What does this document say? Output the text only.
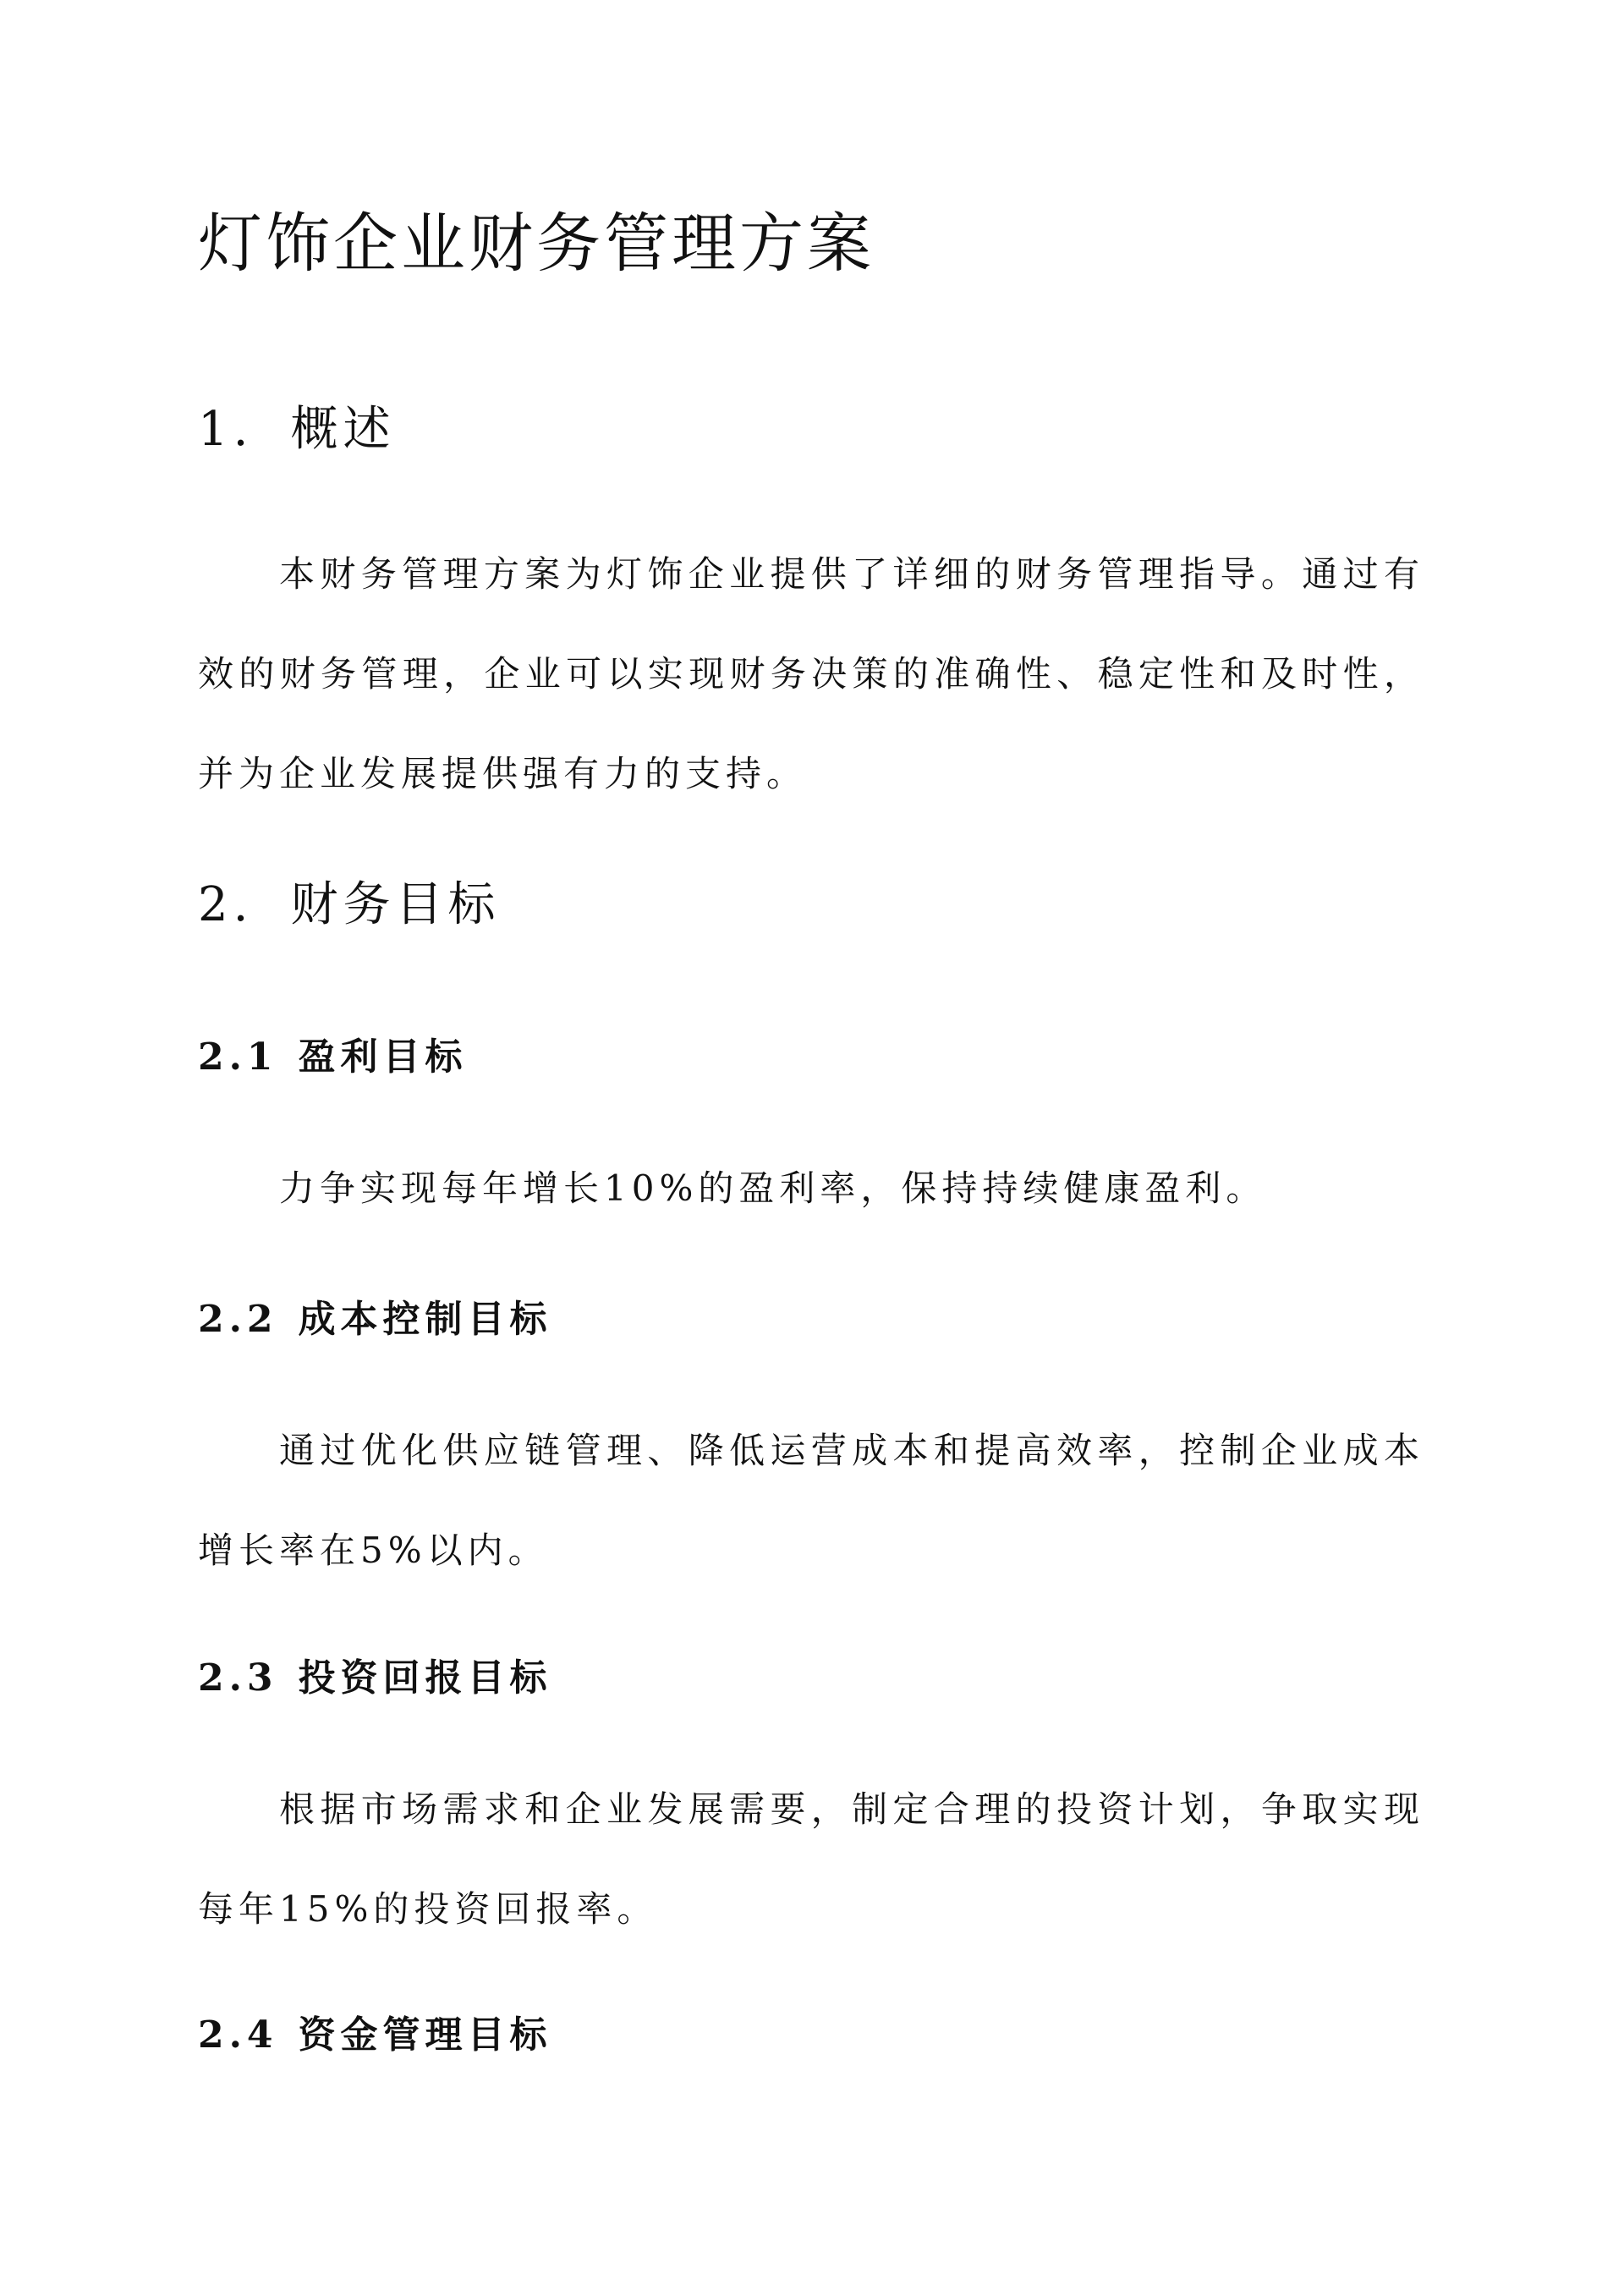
灯饰企业财务管理方案
1. 概述

本财务管理方案为灯饰企业提供了详细的财务管理指导。通过有效的财务管理，企业可以实现财务决策的准确性、稳定性和及时性，并为企业发展提供强有力的支持。

2. 财务目标
2.1 盈利目标

力争实现每年增长10%的盈利率，保持持续健康盈利。

2.2 成本控制目标

通过优化供应链管理、降低运营成本和提高效率，控制企业成本增长率在5%以内。

2.3 投资回报目标

根据市场需求和企业发展需要，制定合理的投资计划，争取实现每年15%的投资回报率。

2.4 资金管理目标
